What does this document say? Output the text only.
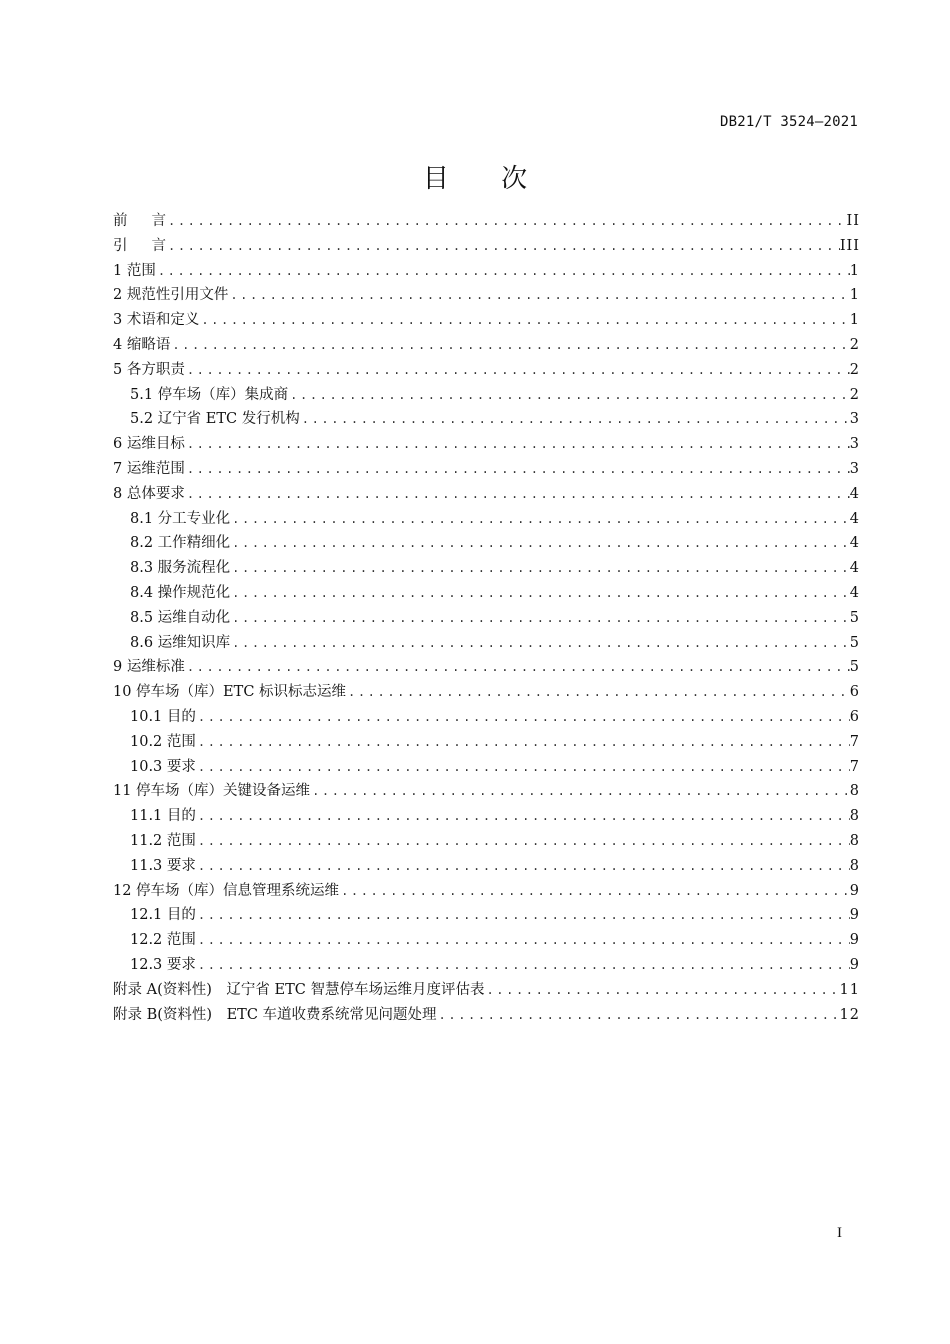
DB21/T 3524—2021
目 次
前言 .....	II
引言 .....	III
1 范围 .....	1
2 规范性引用文件 .....	1
3 术语和定义 .....	1
4 缩略语 .....	2
5 各方职责 .....	2
5.1 停车场（库）集成商 .....	2
5.2 辽宁省 ETC 发行机构 .....	3
6 运维目标 .....	3
7 运维范围 .....	3
8 总体要求 .....	4
8.1 分工专业化 .....	4
8.2 工作精细化 .....	4
8.3 服务流程化 .....	4
8.4 操作规范化 .....	4
8.5 运维自动化 .....	5
8.6 运维知识库 .....	5
9 运维标准 .....	5
10 停车场（库）ETC 标识标志运维 .....	6
10.1 目的 .....	6
10.2 范围 .....	7
10.3 要求 .....	7
11 停车场（库）关键设备运维 .....	8
11.1 目的 .....	8
11.2 范围 .....	8
11.3 要求 .....	8
12 停车场（库）信息管理系统运维 .....	9
12.1 目的 .....	9
12.2 范围 .....	9
12.3 要求 .....	9
附录 A(资料性)　辽宁省 ETC 智慧停车场运维月度评估表 .....	11
附录 B(资料性)　ETC 车道收费系统常见问题处理 .....	12
I
